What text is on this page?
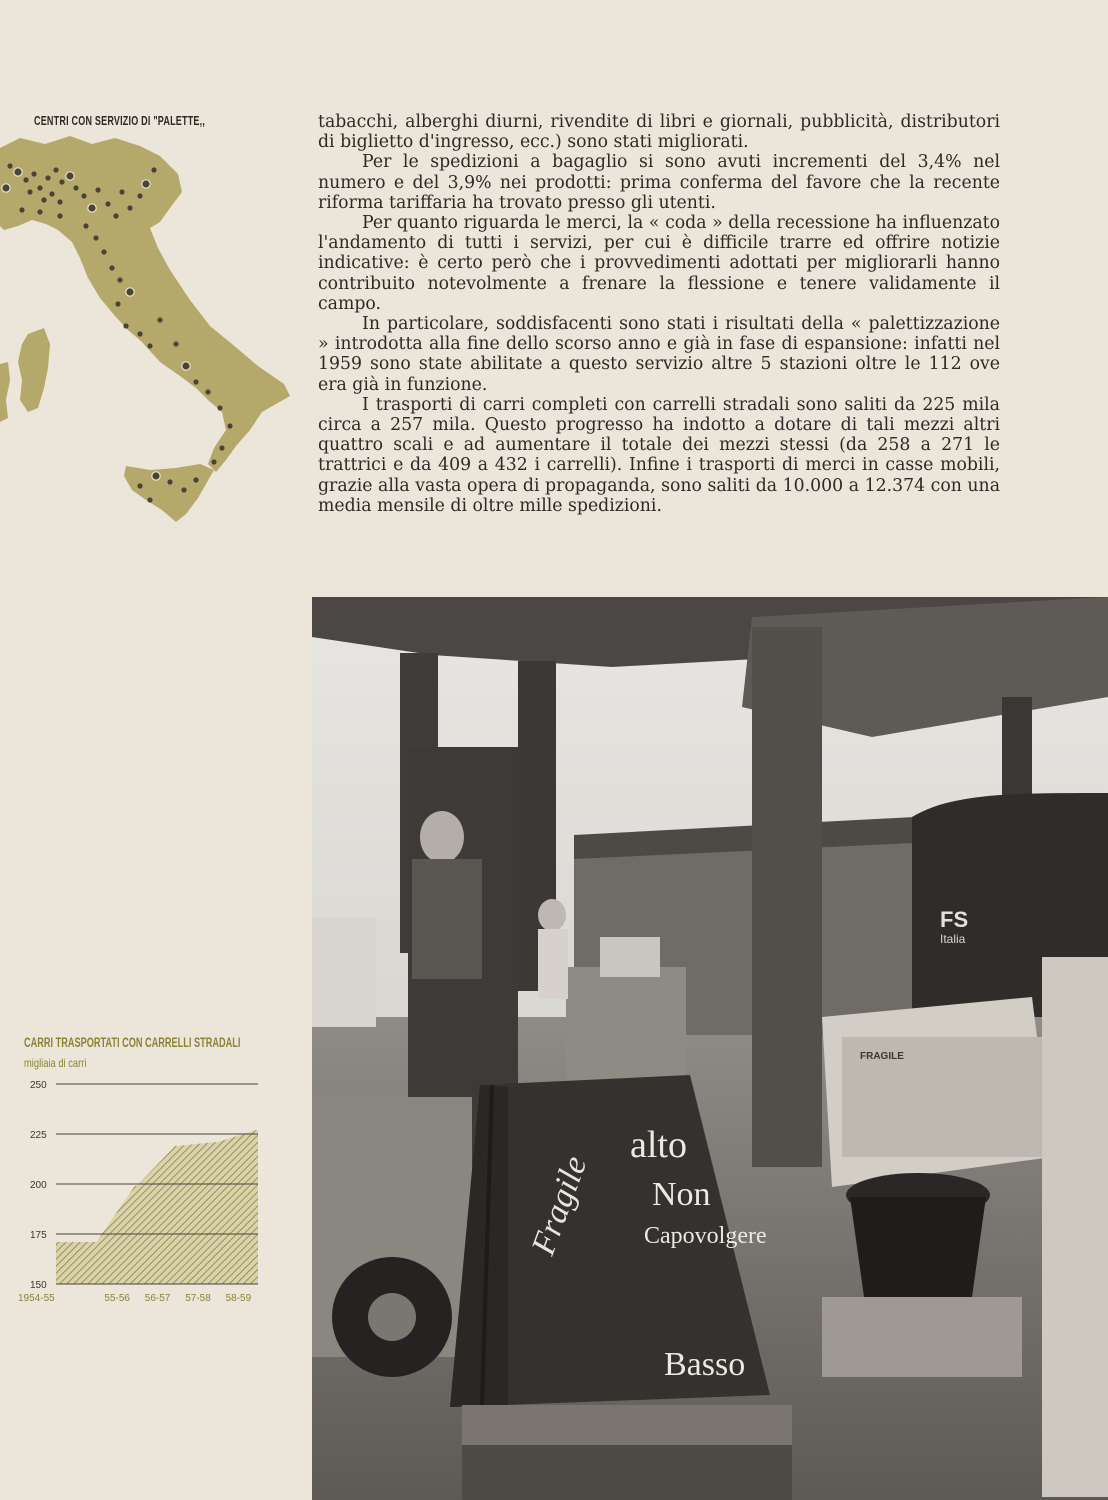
CENTRI CON SERVIZIO DI "PALETTE,,	tabacchi, alberghi diurni, rivendite di libri e giornali, pubblicità, distributori di biglietto d'ingresso, ecc.) sono stati migliorati.

Per le spedizioni a bagaglio si sono avuti incrementi del 3,4% nel numero e del 3,9% nei prodotti: prima conferma del favore che la recente riforma tariffaria ha trovato presso gli utenti.

Per quanto riguarda le merci, la « coda » della recessione ha influenzato l'andamento di tutti i servizi, per cui è difficile trarre ed offrire notizie indicative: è certo però che i provvedimenti adottati per migliorarli hanno contribuito notevolmente a frenare la flessione e tenere validamente il campo.

In particolare, soddisfacenti sono stati i risultati della « palettizzazione » introdotta alla fine dello scorso anno e già in fase di espansione: infatti nel 1959 sono state abilitate a questo servizio altre 5 stazioni oltre le 112 ove era già in funzione.

I trasporti di carri completi con carrelli stradali sono saliti da 225 mila circa a 257 mila. Questo progresso ha indotto a dotare di tali mezzi altri quattro scali e ad aumentare il totale dei mezzi stessi (da 258 a 271 le trattrici e da 409 a 432 i carrelli). Infine i trasporti di merci in casse mobili, grazie alla vasta opera di propaganda, sono saliti da 10.000 a 12.374 con una media mensile di oltre mille spedizioni.

CARRI TRASPORTATI CON CARRELLI STRADALI
migliaia di carri
250
225
200
175
150
1954-55	55-56 56-57 57-58 58-59
FS
Italia
FRAGILE
Fragile
alto
Non
Capovolgere
Basso
